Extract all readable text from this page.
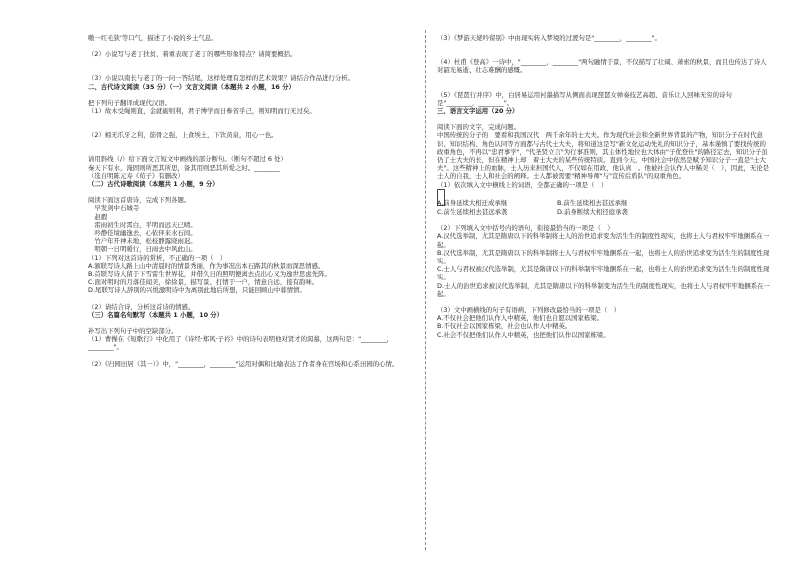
嗷一红毛狭'等口气，描述了小说的乡土气息。
（2）小说写与老丁扶贫，着重表现了老丁的哪些形象特点？请简要概括。
（3）小说以南长与老丁的一问一答结尾，这样处理有怎样的艺术效果？请结合作品进行分析。
二、古代诗文阅读（35 分）（一）文言文阅读（本题共 2 小题，16 分）
把下列句子翻译成现代汉语。
（1）故木受绳则直，金就砺则利，君子博学而日参省乎己，则知明而行无过矣。
（2）蚓无爪牙之利，筋骨之强，上食埃土，下饮黄泉，用心一也。
请用斜线（/）给下面文言短文中画线的部分断句。（断句不超过 6 处）
秦天下有水，淹固则所恶其所思，备其用则恶其所爱之时。________
（选自明陈元寿《荀子》有删改）
（二）古代诗歌阅读（本题共 1 小题，9 分）
阅读下面这首唐诗，完成下列各题。
　早发剑中石城寺
　赵嘏
　雷雨初生时霄白，平明而远天已晴。
　吟静佳境幽逸去，心依伴来水石间。
　竹户年开神未地，松枝静露晓雨迟。
　明朝一日明暖行，日雨去中风此山。
（1）下列对这首诗的赏析，不正确的一项（　）
A.颔联写诗人路上山中清晨时的情景秀丽，作为事况出本石路其的秋景而深思情感。
B.首联写诗人留于下雪雷生世界花，并借久日的照明便离去点出心又为逸世思虑先阵。
C.面对明时的月落佳闻美，徐徐景，描写景、打情于一户，情意自远，接有韵味。
D.尾联写诗人辞别的兴悦激明诗中为离别此地后所想，只能回顾山中暮情情。
（2）请结合诗，分析这首诗的情感。
（三）名篇名句默写（本题共 1 小题，10 分）
补写出下列句子中的空缺部分。
（1）曹操在《短歌行》中化用了《诗经·郑风·子衿》中的诗句表明他对贤才的渴慕，这两句是："________，
________"。
（2）《归园田居（其一）》中，"________，________"运用对偶和比喻表达了作者身在官场和心系田园的心情。
（3）《梦游天姥吟留别》中由现实转入梦境的过渡句是"________，________"。
（4）杜甫《登高》一诗中，"________，________"两句融情于景，不仅描写了壮阔、萧索的秋景，而且也传达了诗人对韶光易逝、壮志难酬的感慨。
（5）《琵琶行并序》中，白居易运用衬墨描写从侧面表现琵琶女弹奏技艺高超、音乐让人回味无穷的诗句是"________，________"。
三、语言文字运用（20 分）
阅读下面的文字，完成问题。
中国传统的分子的　要看和我国汉代　两千余年的士大夫。作为现代社会和全新世界背景的产物，知识分子在时代意识、知识结构、角色认同等方面都与古代士大夫，将知道这是写"新文化运动先礼的知识分子，基本谨慎了要找传统的政重角色，不再以"忠君事学"，"代圣贤立言"为行事准则，其主体性地位也大体由"子优登仕"的路径定去，知识分子虽仍了士大夫的长，但在精神上却　着士大夫的某些传统特质。直到今天，中国社会中依然是赋予知识分子一直是"士大夫"。这些精神上的血脉，士人历来担国代人，不仅如在用政，他认真　。他被社会认作人中稀美（　），因此，无论是士人的自我，士人和社会的阐释。士人都被需要"精神导师"与"宣传后盾队"的双重角色。
（1）依次填入文中横线上的词语，全都正确的一项是（　）
A.前身延续大相迁成承继	B.前生延续相去甚远承继
C.前生延续相去甚远承袭	D.前身断续大相径庭承袭
（2）下列填入文中括号内的语句，衔接最恰当的一项是（　）
A.汉代选举制，尤其是隋唐以下的科举制将士人的治世追求变为活生生的制度性现实，也将士人与君权牢牢地捆系在一起。
B.汉代选举制，尤其是隋唐以下的科举制将士人与君权牢牢地捆系在一起，也将士人的治世追求变为活生生的制度性现实。
C.士人与君权被汉代选举制，尤其是隋唐以下的科举制牢牢地捆系在一起，也将士人的治世追求变为活生生的制度性现实。
D.士人的治世追求被汉代选举制，尤其是隋唐以下的科举制变为活生生的制度性现实，也将士人与君权牢牢地捆系在一起。
（3）文中画横线的句子有语病，下列修改最恰当的一项是（　）
A.不仅社会把他们认作人中精英，他们也自愿以国家栋梁。
B.不仅社会以国家栋梁，社会也认作人中精英。
C.社会不仅把他们认作人中精英，也把他们认作以国家栋梁。
